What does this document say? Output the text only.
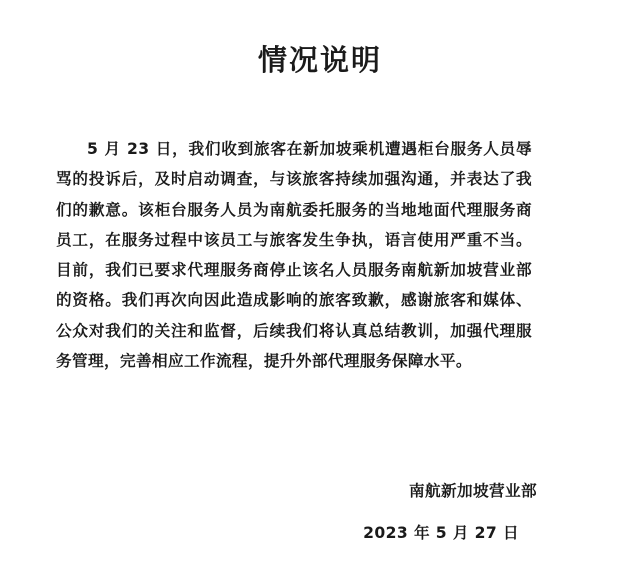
情况说明

5 月 23 日，我们收到旅客在新加坡乘机遭遇柜台服务人员辱骂的投诉后，及时启动调查，与该旅客持续加强沟通，并表达了我们的歉意。该柜台服务人员为南航委托服务的当地地面代理服务商员工，在服务过程中该员工与旅客发生争执，语言使用严重不当。目前，我们已要求代理服务商停止该名人员服务南航新加坡营业部的资格。我们再次向因此造成影响的旅客致歉，感谢旅客和媒体、公众对我们的关注和监督，后续我们将认真总结教训，加强代理服务管理，完善相应工作流程，提升外部代理服务保障水平。

南航新加坡营业部

2023 年 5 月 27 日
